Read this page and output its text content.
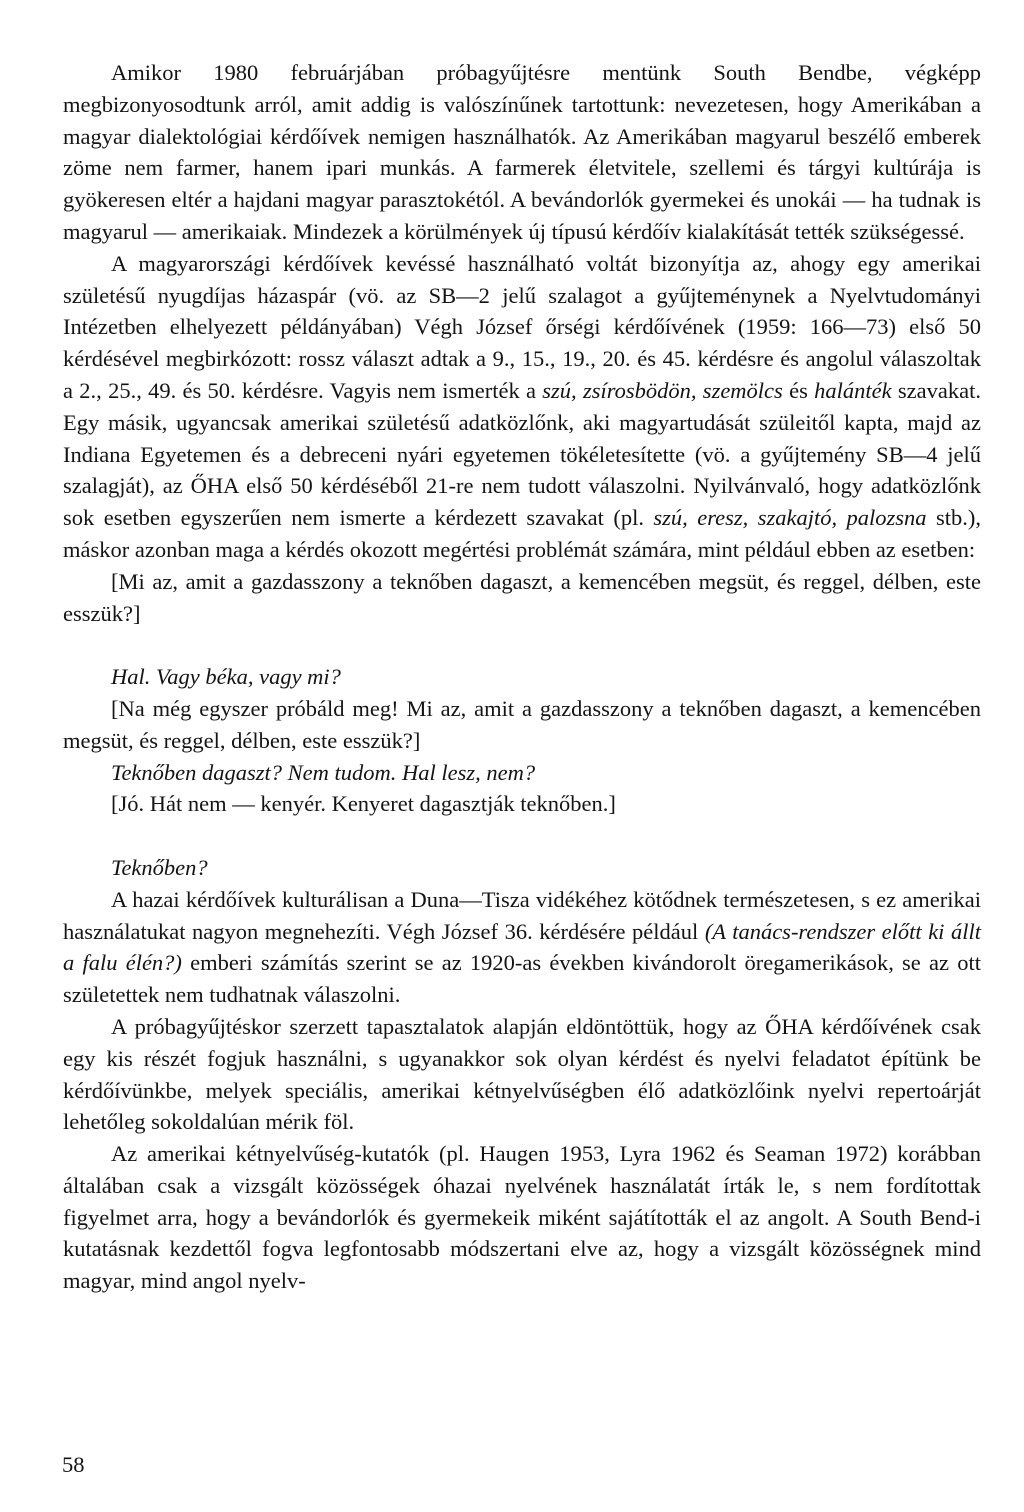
Amikor 1980 februárjában próbagyűjtésre mentünk South Bendbe, végképp megbizonyosodtunk arról, amit addig is valószínűnek tartottunk: nevezetesen, hogy Amerikában a magyar dialektológiai kérdőívek nemigen használhatók. Az Amerikában magyarul beszélő emberek zöme nem farmer, hanem ipari munkás. A farmerek életvitele, szellemi és tárgyi kultúrája is gyökeresen eltér a hajdani magyar parasztokétól. A bevándorlók gyermekei és unokái — ha tudnak is magyarul — amerikaiak. Mindezek a körülmények új típusú kérdőív kialakítását tették szükségessé.

A magyarországi kérdőívek kevéssé használható voltát bizonyítja az, ahogy egy amerikai születésű nyugdíjas házaspár (vö. az SB—2 jelű szalagot a gyűjteménynek a Nyelvtudományi Intézetben elhelyezett példányában) Végh József őrségi kérdőívének (1959: 166—73) első 50 kérdésével megbirkózott: rossz választ adtak a 9., 15., 19., 20. és 45. kérdésre és angolul válaszoltak a 2., 25., 49. és 50. kérdésre. Vagyis nem ismerték a szú, zsírosbödön, szemölcs és halánték szavakat. Egy másik, ugyancsak amerikai születésű adatközlőnk, aki magyartudását szüleitől kapta, majd az Indiana Egyetemen és a debreceni nyári egyetemen tökéletesítette (vö. a gyűjtemény SB—4 jelű szalagját), az ŐHA első 50 kérdéséből 21-re nem tudott válaszolni. Nyilvánvaló, hogy adatközlőnk sok esetben egyszerűen nem ismerte a kérdezett szavakat (pl. szú, eresz, szakajtó, palozsna stb.), máskor azonban maga a kérdés okozott megértési problémát számára, mint például ebben az esetben:

[Mi az, amit a gazdasszony a teknőben dagaszt, a kemencében megsüt, és reggel, délben, este esszük?]

Hal. Vagy béka, vagy mi?

[Na még egyszer próbáld meg! Mi az, amit a gazdasszony a teknőben dagaszt, a kemencében megsüt, és reggel, délben, este esszük?]

Teknőben dagaszt? Nem tudom. Hal lesz, nem?

[Jó. Hát nem — kenyér. Kenyeret dagasztják teknőben.]

Teknőben?

A hazai kérdőívek kulturálisan a Duna—Tisza vidékéhez kötődnek természetesen, s ez amerikai használatukat nagyon megnehezíti. Végh József 36. kérdésére például (A tanács-rendszer előtt ki állt a falu élén?) emberi számítás szerint se az 1920-as években kivándorolt öregamerikások, se az ott születettek nem tudhatnak válaszolni.

A próbagyűjtéskor szerzett tapasztalatok alapján eldöntöttük, hogy az ŐHA kérdőívének csak egy kis részét fogjuk használni, s ugyanakkor sok olyan kérdést és nyelvi feladatot építünk be kérdőívünkbe, melyek speciális, amerikai kétnyelvűségben élő adatközlőink nyelvi repertoárját lehetőleg sokoldalúan mérik föl.

Az amerikai kétnyelvűség-kutatók (pl. Haugen 1953, Lyra 1962 és Seaman 1972) korábban általában csak a vizsgált közösségek óhazai nyelvének használatát írták le, s nem fordítottak figyelmet arra, hogy a bevándorlók és gyermekeik miként sajátították el az angolt. A South Bend-i kutatásnak kezdettől fogva legfontosabb módszertani elve az, hogy a vizsgált közösségnek mind magyar, mind angol nyelv-

58
